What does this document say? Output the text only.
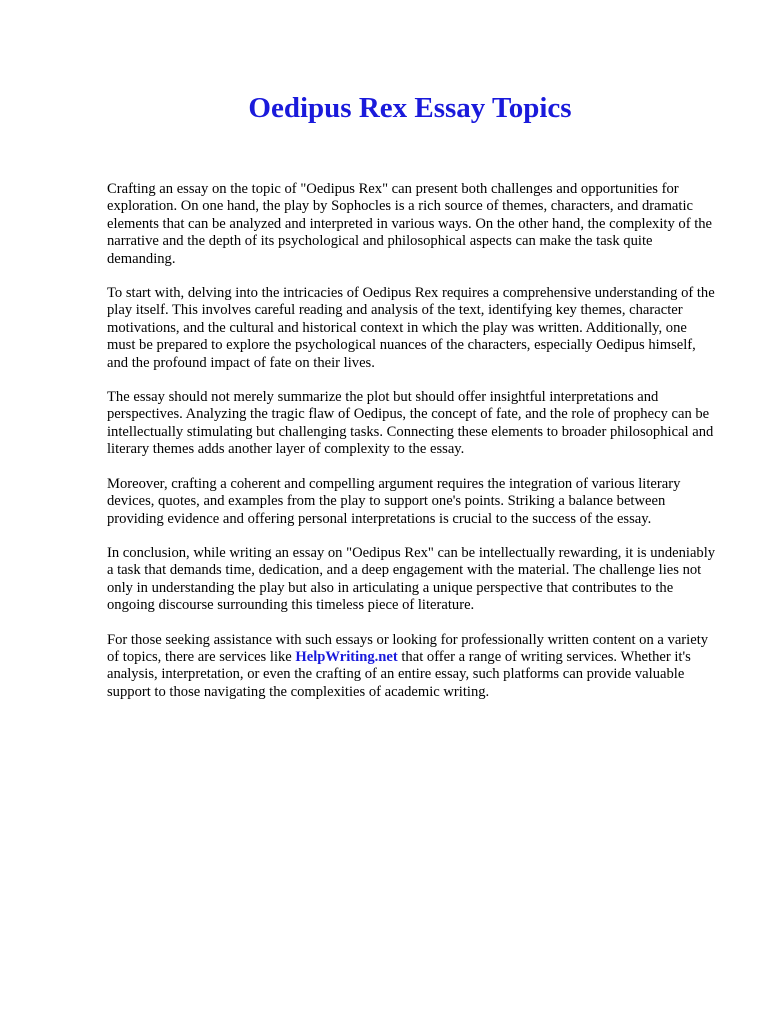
Oedipus Rex Essay Topics

Crafting an essay on the topic of "Oedipus Rex" can present both challenges and opportunities for exploration. On one hand, the play by Sophocles is a rich source of themes, characters, and dramatic elements that can be analyzed and interpreted in various ways. On the other hand, the complexity of the narrative and the depth of its psychological and philosophical aspects can make the task quite demanding.

To start with, delving into the intricacies of Oedipus Rex requires a comprehensive understanding of the play itself. This involves careful reading and analysis of the text, identifying key themes, character motivations, and the cultural and historical context in which the play was written. Additionally, one must be prepared to explore the psychological nuances of the characters, especially Oedipus himself, and the profound impact of fate on their lives.

The essay should not merely summarize the plot but should offer insightful interpretations and perspectives. Analyzing the tragic flaw of Oedipus, the concept of fate, and the role of prophecy can be intellectually stimulating but challenging tasks. Connecting these elements to broader philosophical and literary themes adds another layer of complexity to the essay.

Moreover, crafting a coherent and compelling argument requires the integration of various literary devices, quotes, and examples from the play to support one's points. Striking a balance between providing evidence and offering personal interpretations is crucial to the success of the essay.

In conclusion, while writing an essay on "Oedipus Rex" can be intellectually rewarding, it is undeniably a task that demands time, dedication, and a deep engagement with the material. The challenge lies not only in understanding the play but also in articulating a unique perspective that contributes to the ongoing discourse surrounding this timeless piece of literature.

For those seeking assistance with such essays or looking for professionally written content on a variety of topics, there are services like HelpWriting.net that offer a range of writing services. Whether it's analysis, interpretation, or even the crafting of an entire essay, such platforms can provide valuable support to those navigating the complexities of academic writing.
